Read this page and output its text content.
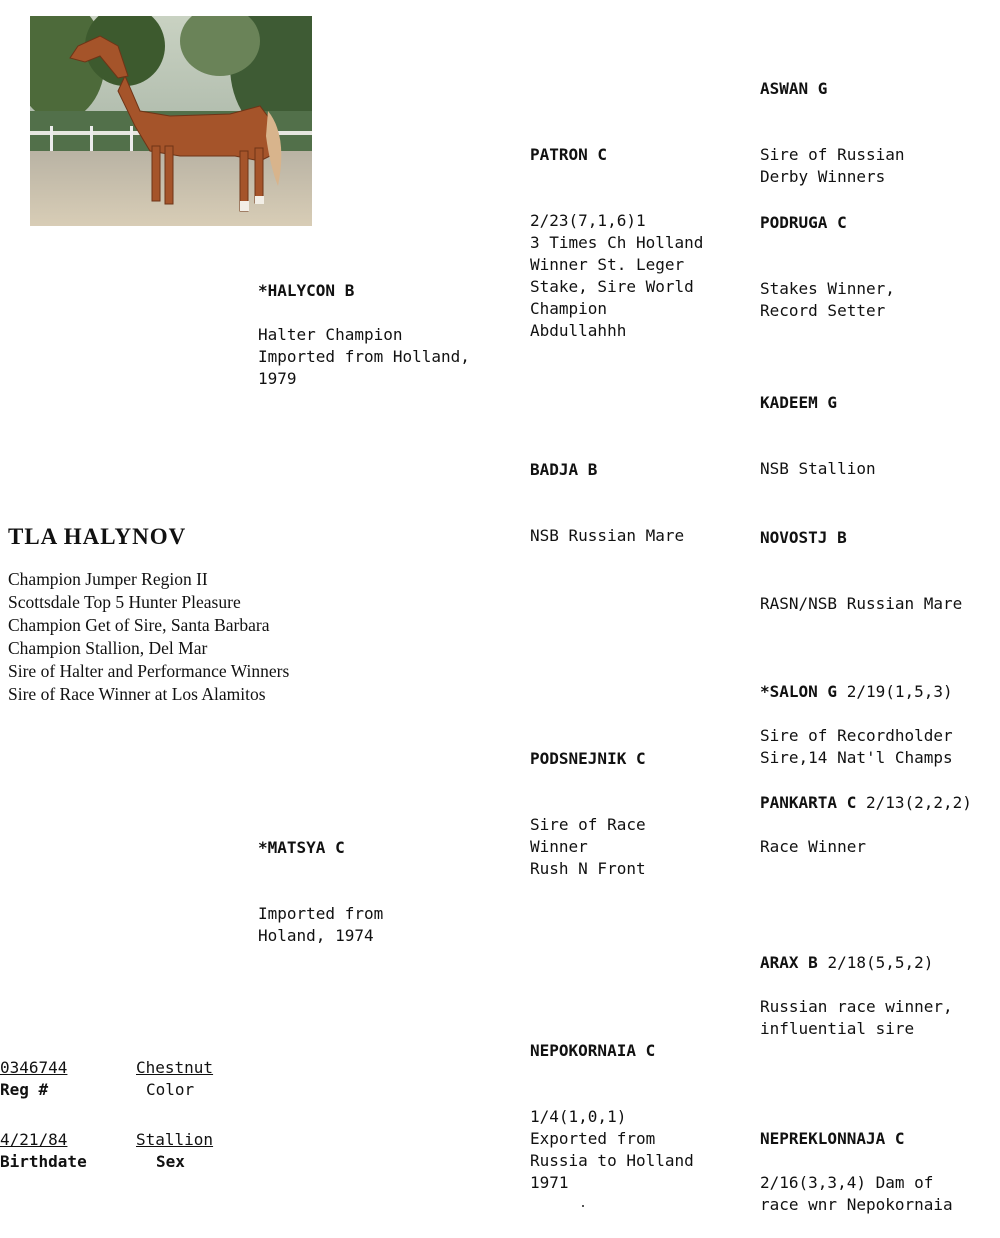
TLA HALYNOV
Champion Jumper Region II
Scottsdale Top 5 Hunter Pleasure
Champion Get of Sire, Santa Barbara
Champion Stallion, Del Mar
Sire of Halter and Performance Winners
Sire of Race Winner at Los Alamitos
0346744
Reg #
Chestnut
Color
4/21/84
Birthdate
Stallion
Sex

*HALYCON B

Halter Champion
Imported from Holland,
1979

*MATSYA C

Imported from
Holand, 1974

PATRON C

2/23(7,1,6)1
3 Times Ch Holland
Winner St. Leger
Stake, Sire World
Champion
Abdullahhh

BADJA B

NSB Russian Mare

PODSNEJNIK C

Sire of Race
Winner
Rush N Front

NEPOKORNAIA C

1/4(1,0,1)
Exported from
Russia to Holland
1971

ASWAN G

Sire of Russian
Derby Winners

PODRUGA C

Stakes Winner,
Record Setter

KADEEM G

NSB Stallion

NOVOSTJ B

RASN/NSB Russian Mare

*SALON G 2/19(1,5,3)

Sire of Recordholder
Sire,14 Nat'l Champs

PANKARTA C 2/13(2,2,2)

Race Winner

ARAX B 2/18(5,5,2)

Russian race winner,
influential sire

NEPREKLONNAJA C

2/16(3,3,4) Dam of
race wnr Nepokornaia
